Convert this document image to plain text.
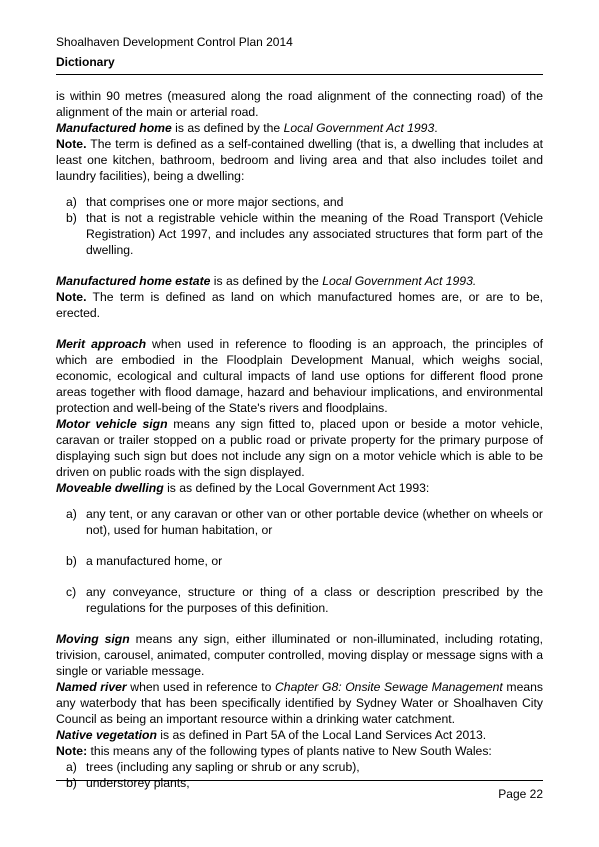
Shoalhaven Development Control Plan 2014
Dictionary

is within 90 metres (measured along the road alignment of the connecting road) of the alignment of the main or arterial road.

Manufactured home is as defined by the Local Government Act 1993.

Note. The term is defined as a self-contained dwelling (that is, a dwelling that includes at least one kitchen, bathroom, bedroom and living area and that also includes toilet and laundry facilities), being a dwelling:

a) that comprises one or more major sections, and
b) that is not a registrable vehicle within the meaning of the Road Transport (Vehicle Registration) Act 1997, and includes any associated structures that form part of the dwelling.

Manufactured home estate is as defined by the Local Government Act 1993.

Note. The term is defined as land on which manufactured homes are, or are to be, erected.

Merit approach when used in reference to flooding is an approach, the principles of which are embodied in the Floodplain Development Manual, which weighs social, economic, ecological and cultural impacts of land use options for different flood prone areas together with flood damage, hazard and behaviour implications, and environmental protection and well-being of the State's rivers and floodplains.

Motor vehicle sign means any sign fitted to, placed upon or beside a motor vehicle, caravan or trailer stopped on a public road or private property for the primary purpose of displaying such sign but does not include any sign on a motor vehicle which is able to be driven on public roads with the sign displayed.

Moveable dwelling is as defined by the Local Government Act 1993:

a) any tent, or any caravan or other van or other portable device (whether on wheels or not), used for human habitation, or
b) a manufactured home, or
c) any conveyance, structure or thing of a class or description prescribed by the regulations for the purposes of this definition.

Moving sign means any sign, either illuminated or non-illuminated, including rotating, trivision, carousel, animated, computer controlled, moving display or message signs with a single or variable message.

Named river when used in reference to Chapter G8: Onsite Sewage Management means any waterbody that has been specifically identified by Sydney Water or Shoalhaven City Council as being an important resource within a drinking water catchment.

Native vegetation is as defined in Part 5A of the Local Land Services Act 2013.

Note: this means any of the following types of plants native to New South Wales:

a) trees (including any sapling or shrub or any scrub),
b) understorey plants,
Page 22
